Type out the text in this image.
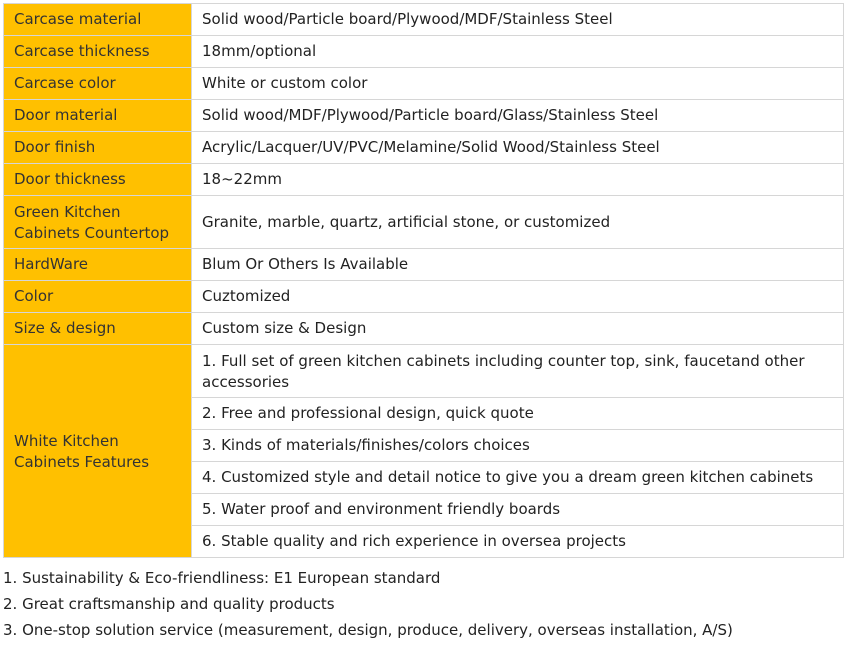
Carcase material	Solid wood/Particle board/Plywood/MDF/Stainless Steel
Carcase thickness	18mm/optional
Carcase color	White or custom color
Door material	Solid wood/MDF/Plywood/Particle board/Glass/Stainless Steel
Door finish	Acrylic/Lacquer/UV/PVC/Melamine/Solid Wood/Stainless Steel
Door thickness	18~22mm
Green Kitchen Cabinets Countertop	Granite, marble, quartz, artificial stone, or customized
HardWare	Blum Or Others Is Available
Color	Cuztomized
Size & design	Custom size & Design
White Kitchen Cabinets Features	1. Full set of green kitchen cabinets including counter top, sink, faucetand other accessories
	2. Free and professional design, quick quote
	3. Kinds of materials/finishes/colors choices
	4. Customized style and detail notice to give you a dream green kitchen cabinets
	5. Water proof and environment friendly boards
	6. Stable quality and rich experience in oversea projects
1. Sustainability & Eco-friendliness: E1 European standard
2. Great craftsmanship and quality products
3. One-stop solution service (measurement, design, produce, delivery, overseas installation, A/S)
